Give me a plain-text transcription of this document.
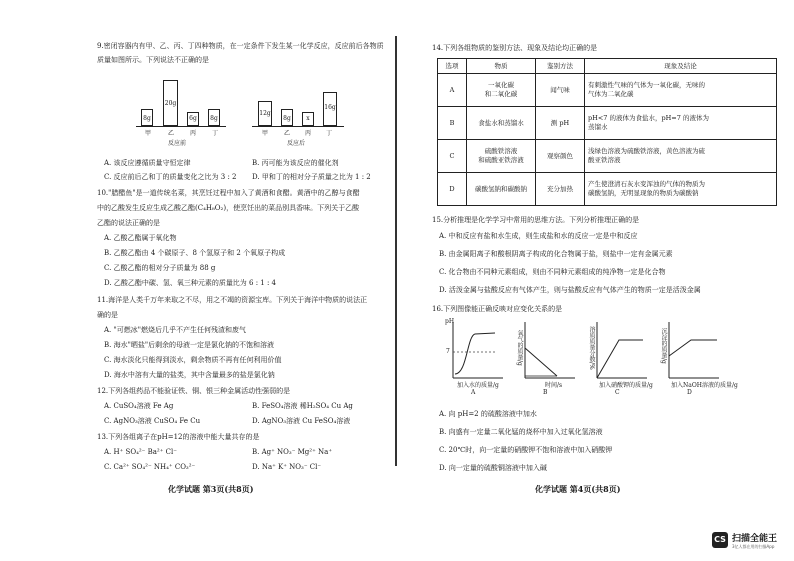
9.密闭容器内有甲、乙、丙、丁四种物质，在一定条件下发生某一化学反应，反应前后各物质
质量如图所示。下列说法不正确的是
8g
20g
6g 8g
甲	乙	丙	丁
反应前
12g
8g	x
16g
甲	乙 丙 丁
反应后
A. 该反应遵循质量守恒定律	B. 丙可能为该反应的催化剂
C. 反应前后乙和丁的质量变化之比为 3 : 2 D. 甲和丁的相对分子质量之比为 1 : 2
10."腊醋鱼"是一道传统名菜，其烹饪过程中加入了黄酒和食醋。黄酒中的乙醇与食醋
中的乙酸发生反应生成乙酸乙酯(C₄H₈O₂)，使烹饪出的菜品别具香味。下列关于乙酸
乙酯的说法正确的是
A. 乙酸乙酯属于氧化物
B. 乙酸乙酯由 4 个碳原子、8 个氢原子和 2 个氧原子构成
C. 乙酸乙酯的相对分子质量为 88 g
D. 乙酸乙酯中碳、氢、氧三种元素的质量比为 6 : 1 : 4
11.海洋是人类千万年来取之不尽，用之不竭的资源宝库。下列关于海洋中物质的说法正
确的是
A. "可燃冰"燃烧后几乎不产生任何残渣和废气
B. 海水"晒盐"后剩余的母液一定是氯化钠的不饱和溶液
C. 海水淡化只能得到淡水，剩余物质不再有任何利用价值
D. 海水中溶有大量的盐类，其中含量最多的盐是氯化钠
12.下列各组药品不能验证铁、铜、银三种金属活动性强弱的是
A. CuSO₄溶液 Fe Ag	B. FeSO₄溶液 稀H₂SO₄ Cu Ag
C. AgNO₃溶液 CuSO₄ Fe Cu	D. AgNO₃溶液 Cu FeSO₄溶液
13.下列各组离子在pH=12的溶液中能大量共存的是
A. H⁺ SO₄²⁻ Ba²⁺ Cl⁻	B. Ag⁺ NO₃⁻ Mg²⁺ Na⁺
C. Ca²⁺ SO₄²⁻ NH₄⁺ CO₃²⁻	D. Na⁺ K⁺ NO₃⁻ Cl⁻
化学试题 第3页(共8页)
14.下列各组物质的鉴别方法、现象及结论均正确的是
选项	物质	鉴别方法	现象及结论
A	一氧化碳
和二氧化碳	闻气味	有刺激性气味的气体为一氧化碳，无味的
气体为二氧化碳
B	食盐水和蒸馏水	测 pH	pH<7 的液体为食盐水，pH=7 的液体为
蒸馏水
C	硫酸铁溶液
和硫酸亚铁溶液	观察颜色	浅绿色溶液为硫酸铁溶液，黄色溶液为硫
酸亚铁溶液
D	碳酸氢钠和碳酸钠	充分加热	产生使澄清石灰水变浑浊的气体的物质为
碳酸氢钠，无明显现象的物质为碳酸钠
15.分析推理是化学学习中常用的思维方法。下列分析推理正确的是
A. 中和反应有盐和水生成，则生成盐和水的反应一定是中和反应
B. 由金属阳离子和酸根阴离子构成的化合物属于盐，则盐中一定有金属元素
C. 化合物由不同种元素组成，则由不同种元素组成的纯净物一定是化合物
D. 活泼金属与盐酸反应有气体产生，则与盐酸反应有气体产生的物质一定是活泼金属
16.下列图像能正确反映对应变化关系的是
pH
7
加入水的质量/g
A
氧气的质量/g
时间/s
B
溶质质量分数/%
加入硝酸钾的质量/g
C
沉淀的质量/g
加入NaOH溶液的质量/g
D
A. 向 pH=2 的硫酸溶液中加水
B. 向盛有一定量二氧化锰的烧杯中加入过氧化氢溶液
C. 20℃时，向一定量的硝酸钾不饱和溶液中加入硝酸钾
D. 向一定量的硫酸铜溶液中加入碱
化学试题 第4页(共8页)
CS 扫描全能王
3亿人都在用的扫描App
